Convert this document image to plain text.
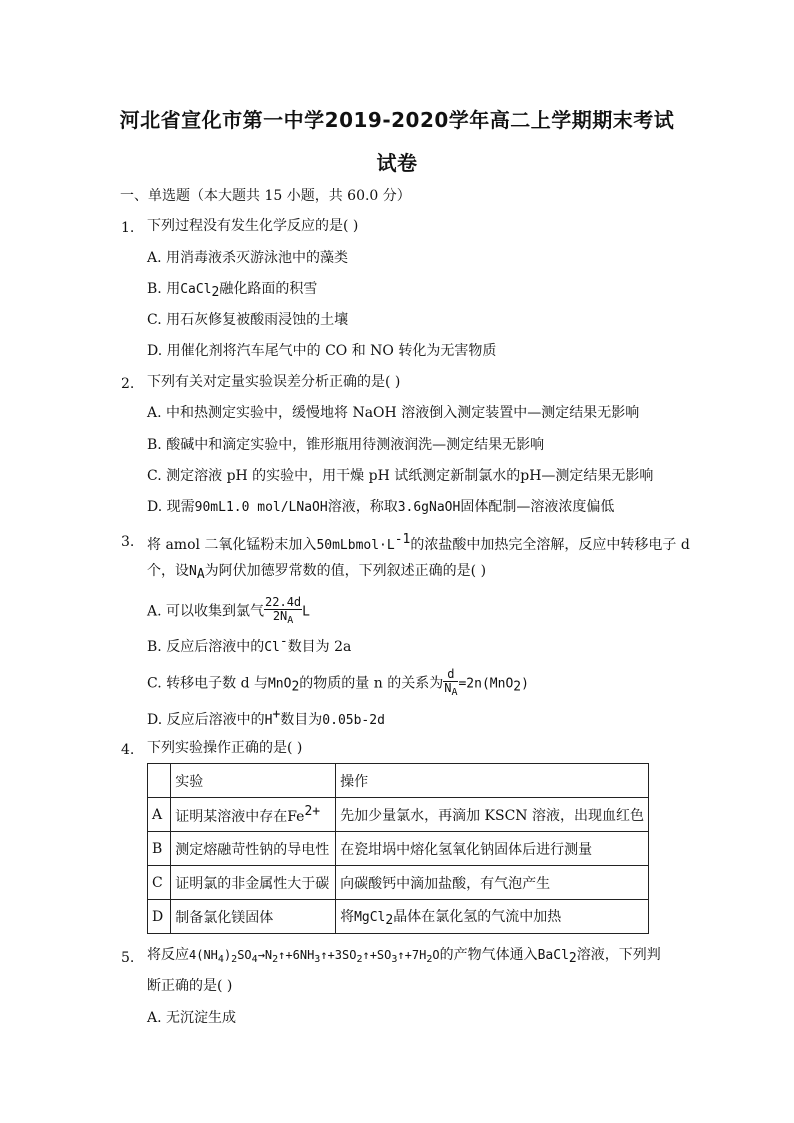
河北省宣化市第一中学2019-2020学年高二上学期期末考试
试卷
一、单选题（本大题共 15 小题，共 60.0 分）
1. 下列过程没有发生化学反应的是( )
A. 用消毒液杀灭游泳池中的藻类
B. 用CaCl2融化路面的积雪
C. 用石灰修复被酸雨浸蚀的土壤
D. 用催化剂将汽车尾气中的 CO 和 NO 转化为无害物质
2. 下列有关对定量实验误差分析正确的是( )
A. 中和热测定实验中，缓慢地将 NaOH 溶液倒入测定装置中—测定结果无影响
B. 酸碱中和滴定实验中，锥形瓶用待测液润洗—测定结果无影响
C. 测定溶液 pH 的实验中，用干燥 pH 试纸测定新制氯水的pH—测定结果无影响
D. 现需90mL1.0 mol/LNaOH溶液，称取3.6gNaOH固体配制—溶液浓度偏低
3. 将 amol 二氧化锰粉末加入50mLbmol·L-1的浓盐酸中加热完全溶解，反应中转移电子 d
个，设NA为阿伏加德罗常数的值，下列叙述正确的是( )
A. 可以收集到氯气 $\frac{22.4d}{2N_A}$ L
B. 反应后溶液中的Cl-数目为 2a
C. 转移电子数 d 与MnO2的物质的量 n 的关系为 $\frac{d}{N_A} =2n(MnO2)$
D. 反应后溶液中的H+数目为0.05b-2d
4. 下列实验操作正确的是( )
	实验	操作
A	证明某溶液中存在Fe2+	先加少量氯水，再滴加 KSCN 溶液，出现血红色
B	测定熔融苛性钠的导电性	在瓷坩埚中熔化氢氧化钠固体后进行测量
C	证明氯的非金属性大于碳	向碳酸钙中滴加盐酸，有气泡产生
D	制备氯化镁固体	将MgCl2晶体在氯化氢的气流中加热
5. 将反应$4(NH_4)_2SO_4\to N_2↑+6NH_3↑+3SO_2↑+SO_3↑+7H_2O$的产物气体通入BaCl2溶液，下列判
断正确的是( )
A. 无沉淀生成
